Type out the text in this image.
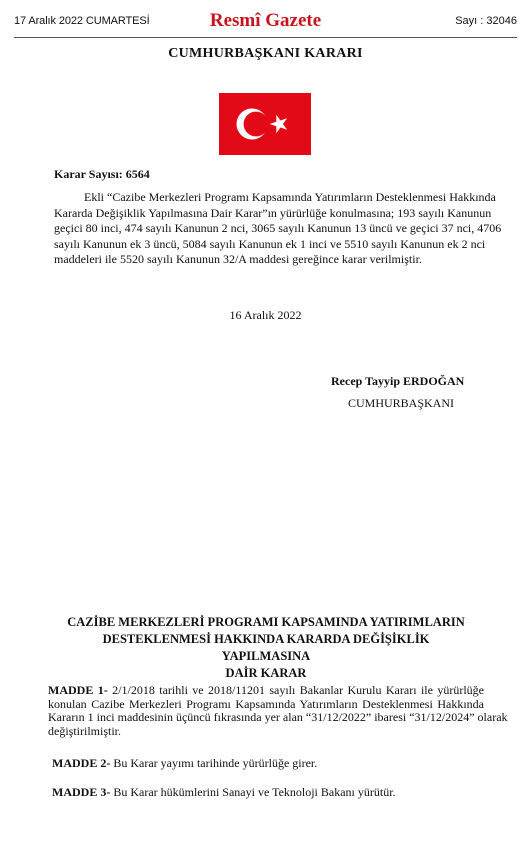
17 Aralık 2022 CUMARTESİ	Resmî Gazete	Sayı : 32046
CUMHURBAŞKANI KARARI
Karar Sayısı: 6564
Ekli “Cazibe Merkezleri Programı Kapsamında Yatırımların Desteklenmesi Hakkında
Kararda Değişiklik Yapılmasına Dair Karar”ın yürürlüğe konulmasına; 193 sayılı Kanunun
geçici 80 inci, 474 sayılı Kanunun 2 nci, 3065 sayılı Kanunun 13 üncü ve geçici 37 nci, 4706
sayılı Kanunun ek 3 üncü, 5084 sayılı Kanunun ek 1 inci ve 5510 sayılı Kanunun ek 2 nci
maddeleri ile 5520 sayılı Kanunun 32/A maddesi gereğince karar verilmiştir.
16 Aralık 2022
Recep Tayyip ERDOĞAN
CUMHURBAŞKANI
CAZİBE MERKEZLERİ PROGRAMI KAPSAMINDA YATIRIMLARIN
DESTEKLENMESİ HAKKINDA KARARDA DEĞİŞİKLİK YAPILMASINA
DAİR KARAR
MADDE 1- 2/1/2018 tarihli ve 2018/11201 sayılı Bakanlar Kurulu Kararı ile yürürlüğe
konulan Cazibe Merkezleri Programı Kapsamında Yatırımların Desteklenmesi Hakkında
Kararın 1 inci maddesinin üçüncü fıkrasında yer alan “31/12/2022” ibaresi “31/12/2024” olarak
değiştirilmiştir.
MADDE 2- Bu Karar yayımı tarihinde yürürlüğe girer.
MADDE 3- Bu Karar hükümlerini Sanayi ve Teknoloji Bakanı yürütür.
